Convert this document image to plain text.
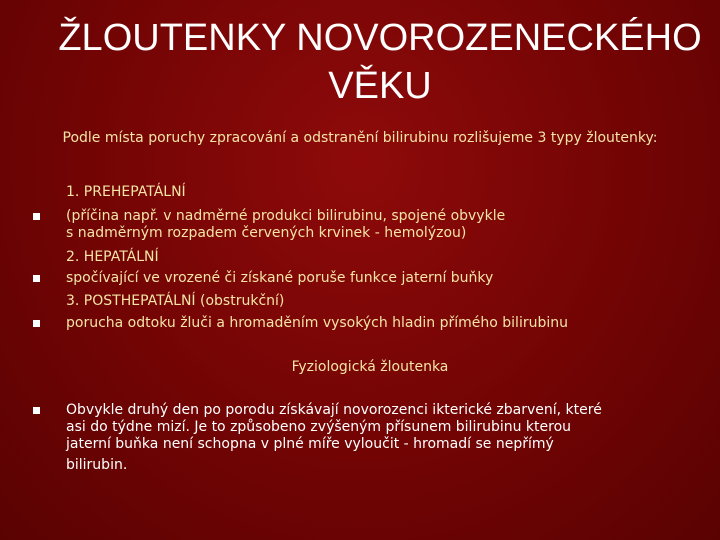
ŽLOUTENKY NOVOROZENECKÉHO
VĚKU
Podle místa poruchy zpracování a odstranění bilirubinu rozlišujeme 3 typy žloutenky:
1. PREHEPATÁLNÍ
(příčina např. v nadměrné produkci bilirubinu, spojené obvykle
s nadměrným rozpadem červených krvinek - hemolýzou)
2. HEPATÁLNÍ
spočívající ve vrozené či získané poruše funkce jaterní buňky
3. POSTHEPATÁLNÍ (obstrukční)
porucha odtoku žluči a hromaděním vysokých hladin přímého bilirubinu
Fyziologická žloutenka
Obvykle druhý den po porodu získávají novorozenci ikterické zbarvení, které
asi do týdne mizí. Je to způsobeno zvýšeným přísunem bilirubinu kterou
jaterní buňka není schopna v plné míře vyloučit - hromadí se nepřímý
bilirubin.
